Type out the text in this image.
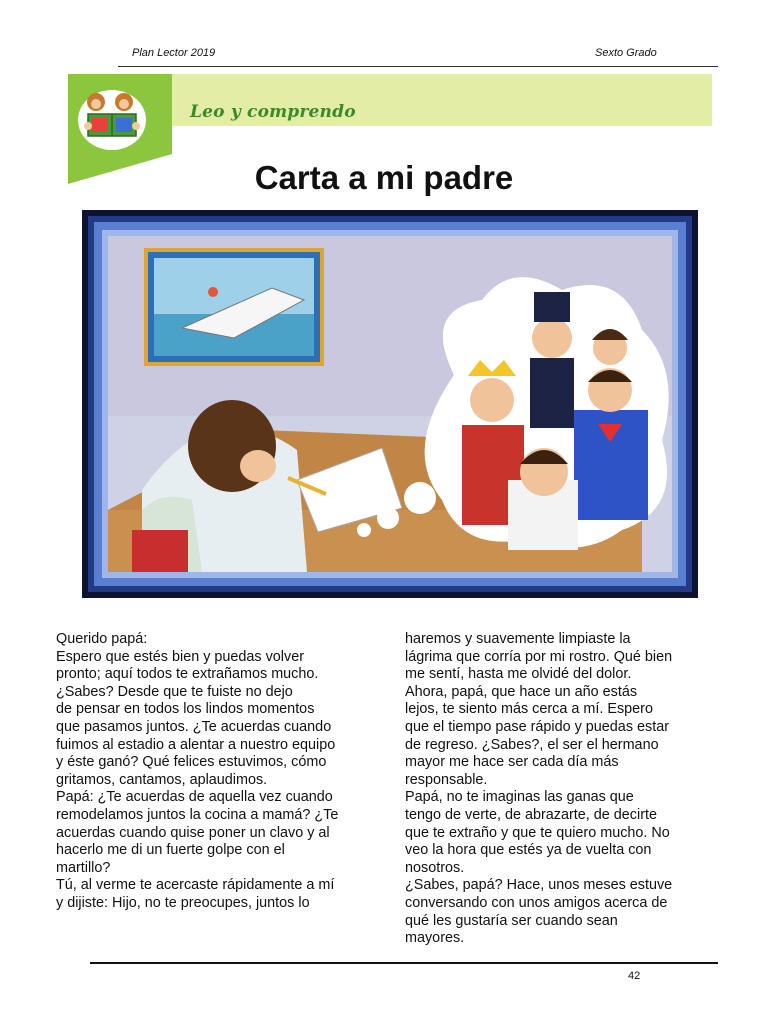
Plan Lector 2019	Sexto Grado
Leo y comprendo
Carta a mi padre

Querido papá:

Espero que estés bien y puedas volver

pronto; aquí todos te extrañamos mucho.

¿Sabes? Desde que te fuiste no dejo

de pensar en todos los lindos momentos

que pasamos juntos. ¿Te acuerdas cuando

fuimos al estadio a alentar a nuestro equipo

y éste ganó? Qué felices estuvimos, cómo

gritamos, cantamos, aplaudimos.

Papá: ¿Te acuerdas de aquella vez cuando

remodelamos juntos la cocina a mamá? ¿Te

acuerdas cuando quise poner un clavo y al

hacerlo me di un fuerte golpe con el

martillo?

Tú, al verme te acercaste rápidamente a mí

y dijiste: Hijo, no te preocupes, juntos lo

haremos y suavemente limpiaste la

lágrima que corría por mi rostro. Qué bien

me sentí, hasta me olvidé del dolor.

Ahora, papá, que hace un año estás

lejos, te siento más cerca a mí. Espero

que el tiempo pase rápido y puedas estar

de regreso. ¿Sabes?, el ser el hermano

mayor me hace ser cada día más

responsable.

Papá, no te imaginas las ganas que

tengo de verte, de abrazarte, de decirte

que te extraño y que te quiero mucho. No

veo la hora que estés ya de vuelta con

nosotros.

¿Sabes, papá? Hace, unos meses estuve

conversando con unos amigos acerca de

qué les gustaría ser cuando sean

mayores.

42
